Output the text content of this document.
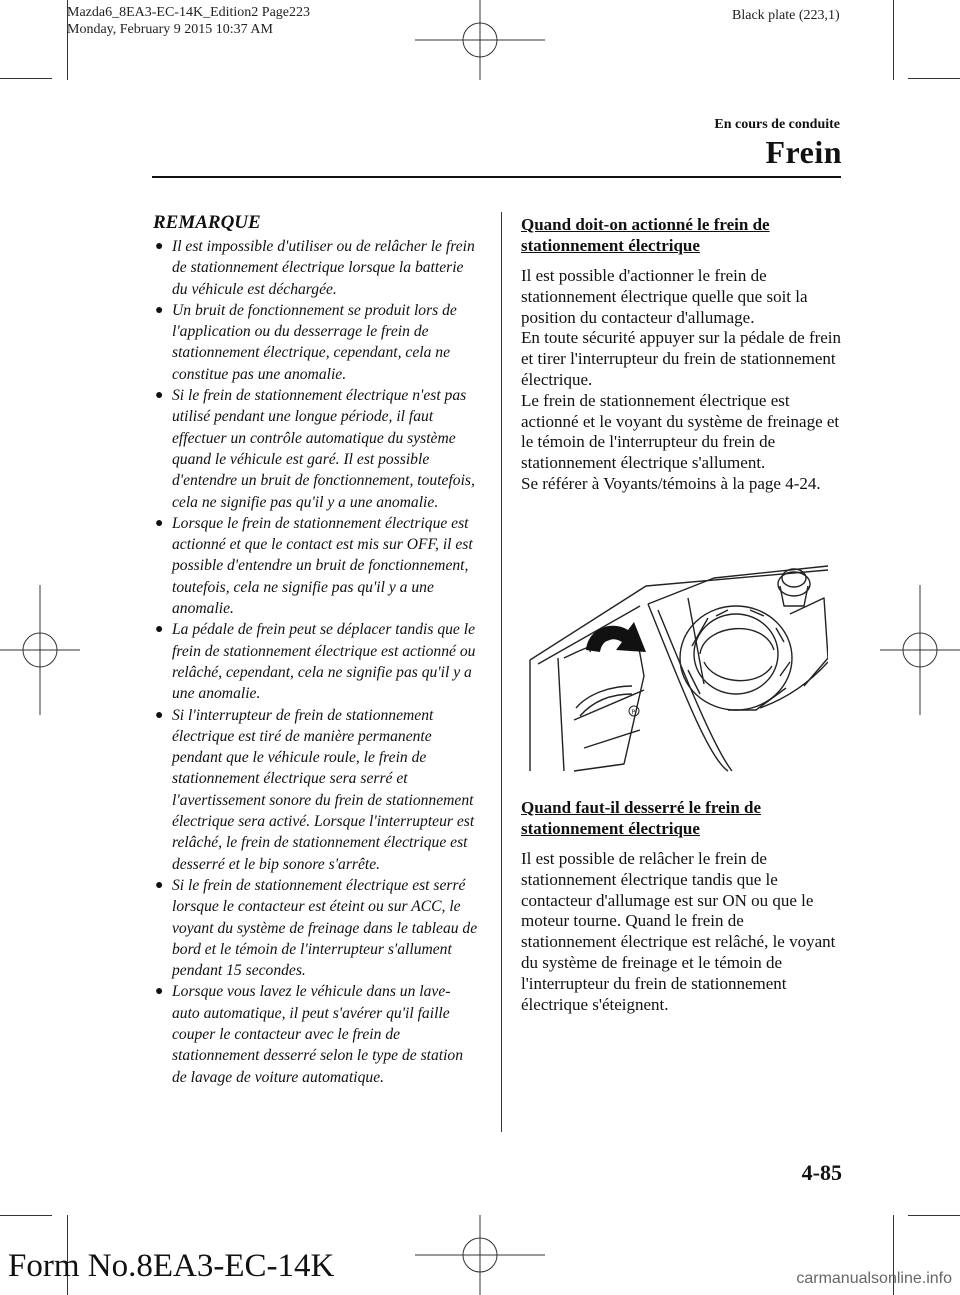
Mazda6_8EA3-EC-14K_Edition2 Page223
Monday, February 9 2015 10:37 AM
Black plate (223,1)
En cours de conduite
Frein
REMARQUE
● Il est impossible d'utiliser ou de relâcher le frein de stationnement électrique lorsque la batterie du véhicule est déchargée.
● Un bruit de fonctionnement se produit lors de l'application ou du desserrage le frein de stationnement électrique, cependant, cela ne constitue pas une anomalie.
● Si le frein de stationnement électrique n'est pas utilisé pendant une longue période, il faut effectuer un contrôle automatique du système quand le véhicule est garé. Il est possible d'entendre un bruit de fonctionnement, toutefois, cela ne signifie pas qu'il y a une anomalie.
● Lorsque le frein de stationnement électrique est actionné et que le contact est mis sur OFF, il est possible d'entendre un bruit de fonctionnement, toutefois, cela ne signifie pas qu'il y a une anomalie.
● La pédale de frein peut se déplacer tandis que le frein de stationnement électrique est actionné ou relâché, cependant, cela ne signifie pas qu'il y a une anomalie.
● Si l'interrupteur de frein de stationnement électrique est tiré de manière permanente pendant que le véhicule roule, le frein de stationnement électrique sera serré et l'avertissement sonore du frein de stationnement électrique sera activé. Lorsque l'interrupteur est relâché, le frein de stationnement électrique est desserré et le bip sonore s'arrête.
● Si le frein de stationnement électrique est serré lorsque le contacteur est éteint ou sur ACC, le voyant du système de freinage dans le tableau de bord et le témoin de l'interrupteur s'allument pendant 15 secondes.
● Lorsque vous lavez le véhicule dans un lave-auto automatique, il peut s'avérer qu'il faille couper le contacteur avec le frein de stationnement desserré selon le type de station de lavage de voiture automatique.
Quand doit-on actionné le frein de stationnement électrique

Il est possible d'actionner le frein de stationnement électrique quelle que soit la position du contacteur d'allumage.

En toute sécurité appuyer sur la pédale de frein et tirer l'interrupteur du frein de stationnement électrique.

Le frein de stationnement électrique est actionné et le voyant du système de freinage et le témoin de l'interrupteur du frein de stationnement électrique s'allument.

Se référer à Voyants/témoins à la page 4-24.

P
Quand faut-il desserré le frein de stationnement électrique

Il est possible de relâcher le frein de stationnement électrique tandis que le contacteur d'allumage est sur ON ou que le moteur tourne. Quand le frein de stationnement électrique est relâché, le voyant du système de freinage et le témoin de l'interrupteur du frein de stationnement électrique s'éteignent.

4-85
Form No.8EA3-EC-14K	carmanualsonline.info
